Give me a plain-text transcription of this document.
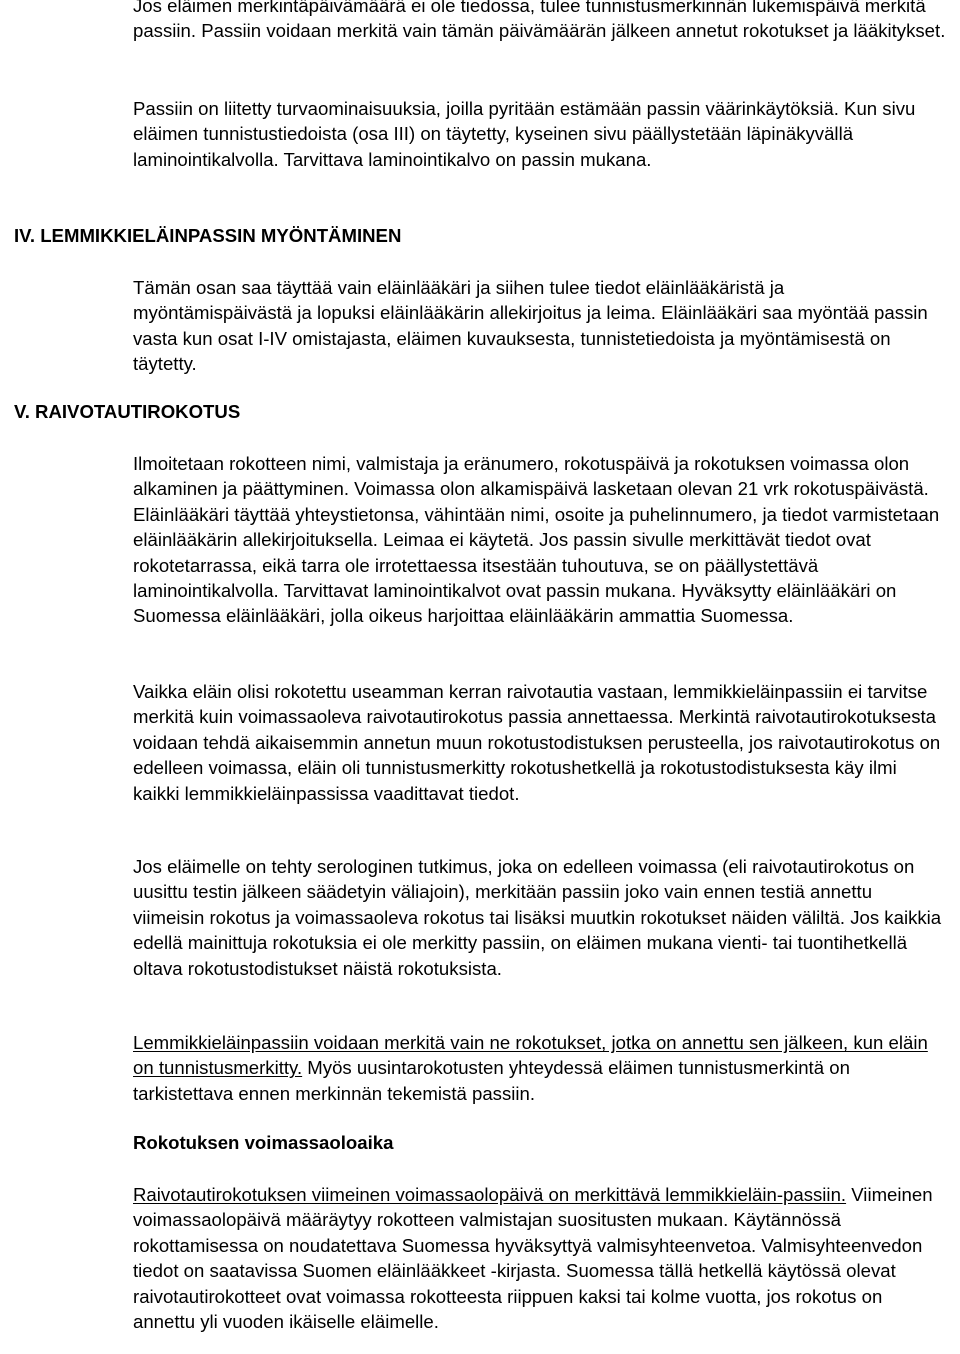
Jos eläimen merkintäpäivämäärä ei ole tiedossa, tulee tunnistusmerkinnän lukemispäivä merkitä passiin. Passiin voidaan merkitä vain tämän päivämäärän jälkeen annetut rokotukset ja lääkitykset.

Passiin on liitetty turvaominaisuuksia, joilla pyritään estämään passin väärinkäytöksiä. Kun sivu eläimen tunnistustiedoista (osa III) on täytetty, kyseinen sivu päällystetään läpinäkyvällä laminointikalvolla. Tarvittava laminointikalvo on passin mukana.

IV. LEMMIKKIELÄINPASSIN MYÖNTÄMINEN

Tämän osan saa täyttää vain eläinlääkäri ja siihen tulee tiedot eläinlääkäristä ja myöntämispäivästä ja lopuksi eläinlääkärin allekirjoitus ja leima. Eläinlääkäri saa myöntää passin vasta kun osat I-IV omistajasta, eläimen kuvauksesta, tunnistetiedoista ja myöntämisestä on täytetty.

V. RAIVOTAUTIROKOTUS

Ilmoitetaan rokotteen nimi, valmistaja ja eränumero, rokotuspäivä ja rokotuksen voimassa olon alkaminen ja päättyminen. Voimassa olon alkamispäivä lasketaan olevan 21 vrk rokotuspäivästä. Eläinlääkäri täyttää yhteystietonsa, vähintään nimi, osoite ja puhelinnumero, ja tiedot varmistetaan eläinlääkärin allekirjoituksella. Leimaa ei käytetä. Jos passin sivulle merkittävät tiedot ovat rokotetarrassa, eikä tarra ole irrotettaessa itsestään tuhoutuva, se on päällystettävä laminointikalvolla. Tarvittavat laminointikalvot ovat passin mukana. Hyväksytty eläinlääkäri on Suomessa eläinlääkäri, jolla oikeus harjoittaa eläinlääkärin ammattia Suomessa.

Vaikka eläin olisi rokotettu useamman kerran raivotautia vastaan, lemmikkieläinpassiin ei tarvitse merkitä kuin voimassaoleva raivotautirokotus passia annettaessa. Merkintä raivotautirokotuksesta voidaan tehdä aikaisemmin annetun muun rokotustodistuksen perusteella, jos raivotautirokotus on edelleen voimassa, eläin oli tunnistusmerkitty rokotushetkellä ja rokotustodistuksesta käy ilmi kaikki lemmikkieläinpassissa vaadittavat tiedot.

Jos eläimelle on tehty serologinen tutkimus, joka on edelleen voimassa (eli raivotautirokotus on uusittu testin jälkeen säädetyin väliajoin), merkitään passiin joko vain ennen testiä annettu viimeisin rokotus ja voimassaoleva rokotus tai lisäksi muutkin rokotukset näiden väliltä. Jos kaikkia edellä mainittuja rokotuksia ei ole merkitty passiin, on eläimen mukana vienti- tai tuontihetkellä oltava rokotustodistukset näistä rokotuksista.

Lemmikkieläinpassiin voidaan merkitä vain ne rokotukset, jotka on annettu sen jälkeen, kun eläin on tunnistusmerkitty. Myös uusintarokotusten yhteydessä eläimen tunnistusmerkintä on tarkistettava ennen merkinnän tekemistä passiin.

Rokotuksen voimassaoloaika

Raivotautirokotuksen viimeinen voimassaolopäivä on merkittävä lemmikkieläin-passiin. Viimeinen voimassaolopäivä määräytyy rokotteen valmistajan suositusten mukaan. Käytännössä rokottamisessa on noudatettava Suomessa hyväksyttyä valmisyhteenvetoa. Valmisyhteenvedon tiedot on saatavissa Suomen eläinlääkkeet -kirjasta. Suomessa tällä hetkellä käytössä olevat raivotautirokotteet ovat voimassa rokotteesta riippuen kaksi tai kolme vuotta, jos rokotus on annettu yli vuoden ikäiselle eläimelle.
